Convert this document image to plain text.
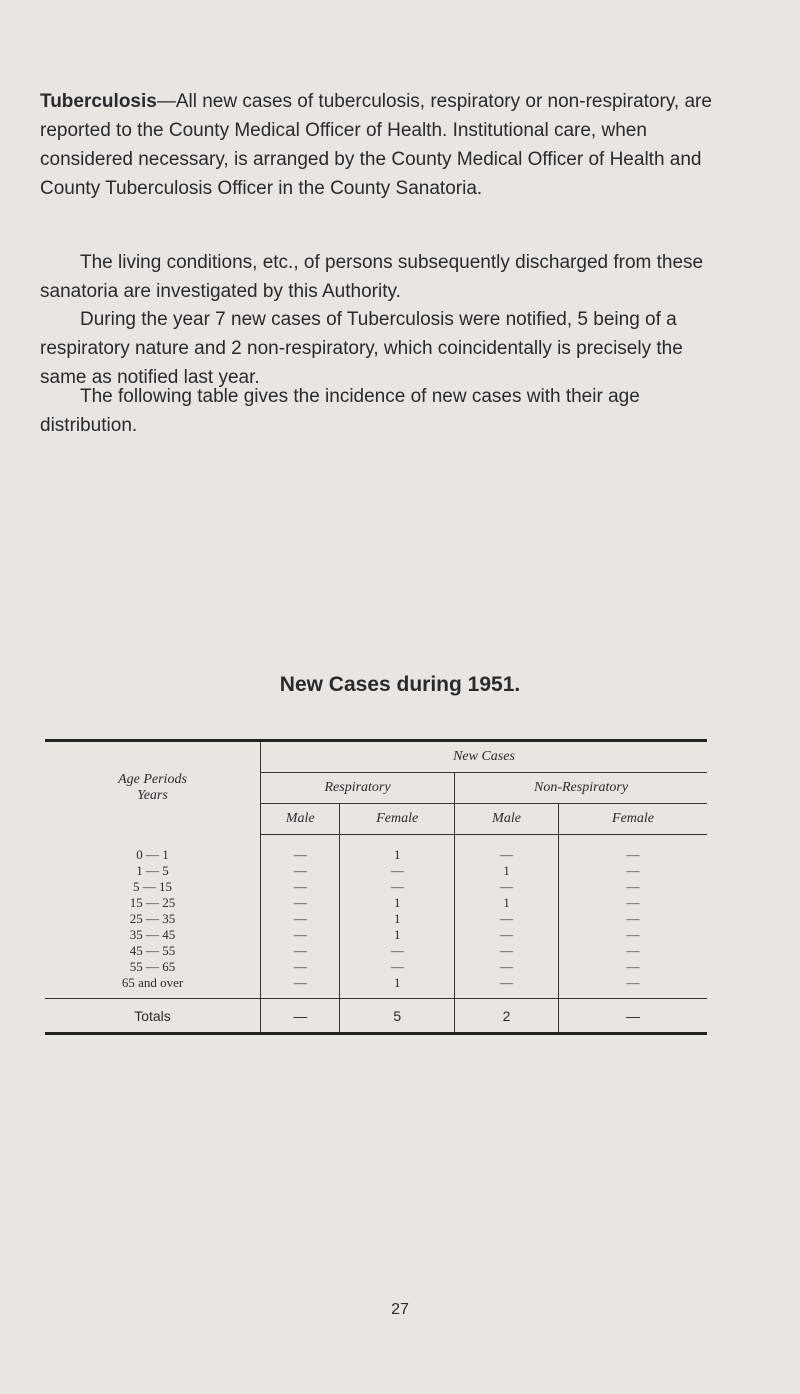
Tuberculosis—All new cases of tuberculosis, respiratory or non-respiratory, are reported to the County Medical Officer of Health. Institutional care, when considered necessary, is arranged by the County Medical Officer of Health and County Tuberculosis Officer in the County Sanatoria.

The living conditions, etc., of persons subsequently discharged from these sanatoria are investigated by this Authority.

During the year 7 new cases of Tuberculosis were notified, 5 being of a respiratory nature and 2 non-respiratory, which coincidentally is precisely the same as notified last year.

The following table gives the incidence of new cases with their age distribution.

New Cases during 1951.
Age Periods
Years	New Cases			
	Respiratory		Non-Respiratory	
	Male	Female	Male	Female
0 — 1	—	1	—	—
1 — 5	—	—	1	—
5 — 15	—	—	—	—
15 — 25	—	1	1	—
25 — 35	—	1	—	—
35 — 45	—	1	—	—
45 — 55	—	—	—	—
55 — 65	—	—	—	—
65 and over	—	1	—	—
Totals	—	5	2	—
27
